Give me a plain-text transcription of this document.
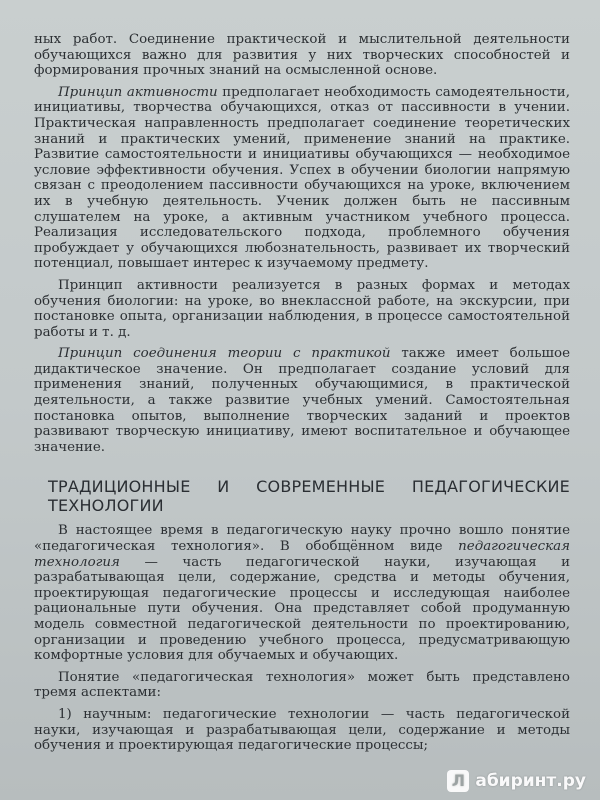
ных работ. Соединение практической и мыслительной деятельности обучающихся важно для развития у них творческих способностей и формирования прочных знаний на осмысленной основе.

Принцип активности предполагает необходимость самодеятельности, инициативы, творчества обучающихся, отказ от пассивности в учении. Практическая направленность предполагает соединение теоретических знаний и практических умений, применение знаний на практике. Развитие самостоятельности и инициативы обучающихся — необходимое условие эффективности обучения. Успех в обучении биологии напрямую связан с преодолением пассивности обучающихся на уроке, включением их в учебную деятельность. Ученик должен быть не пассивным слушателем на уроке, а активным участником учебного процесса. Реализация исследовательского подхода, проблемного обучения пробуждает у обучающихся любознательность, развивает их творческий потенциал, повышает интерес к изучаемому предмету.

Принцип активности реализуется в разных формах и методах обучения биологии: на уроке, во внеклассной работе, на экскурсии, при постановке опыта, организации наблюдения, в процессе самостоятельной работы и т. д.

Принцип соединения теории с практикой также имеет большое дидактическое значение. Он предполагает создание условий для применения знаний, полученных обучающимися, в практической деятельности, а также развитие учебных умений. Самостоятельная постановка опытов, выполнение творческих заданий и проектов развивают творческую инициативу, имеют воспитательное и обучающее значение.

ТРАДИЦИОННЫЕ И СОВРЕМЕННЫЕ ПЕДАГОГИЧЕСКИЕ ТЕХНОЛОГИИ

В настоящее время в педагогическую науку прочно вошло понятие «педагогическая технология». В обобщённом виде педагогическая технология — часть педагогической науки, изучающая и разрабатывающая цели, содержание, средства и методы обучения, проектирующая педагогические процессы и исследующая наиболее рациональные пути обучения. Она представляет собой продуманную модель совместной педагогической деятельности по проектированию, организации и проведению учебного процесса, предусматривающую комфортные условия для обучаемых и обучающих.

Понятие «педагогическая технология» может быть представлено тремя аспектами:

1) научным: педагогические технологии — часть педагогической науки, изучающая и разрабатывающая цели, содержание и методы обучения и проектирующая педагогические процессы;

Л абиринт.ру
